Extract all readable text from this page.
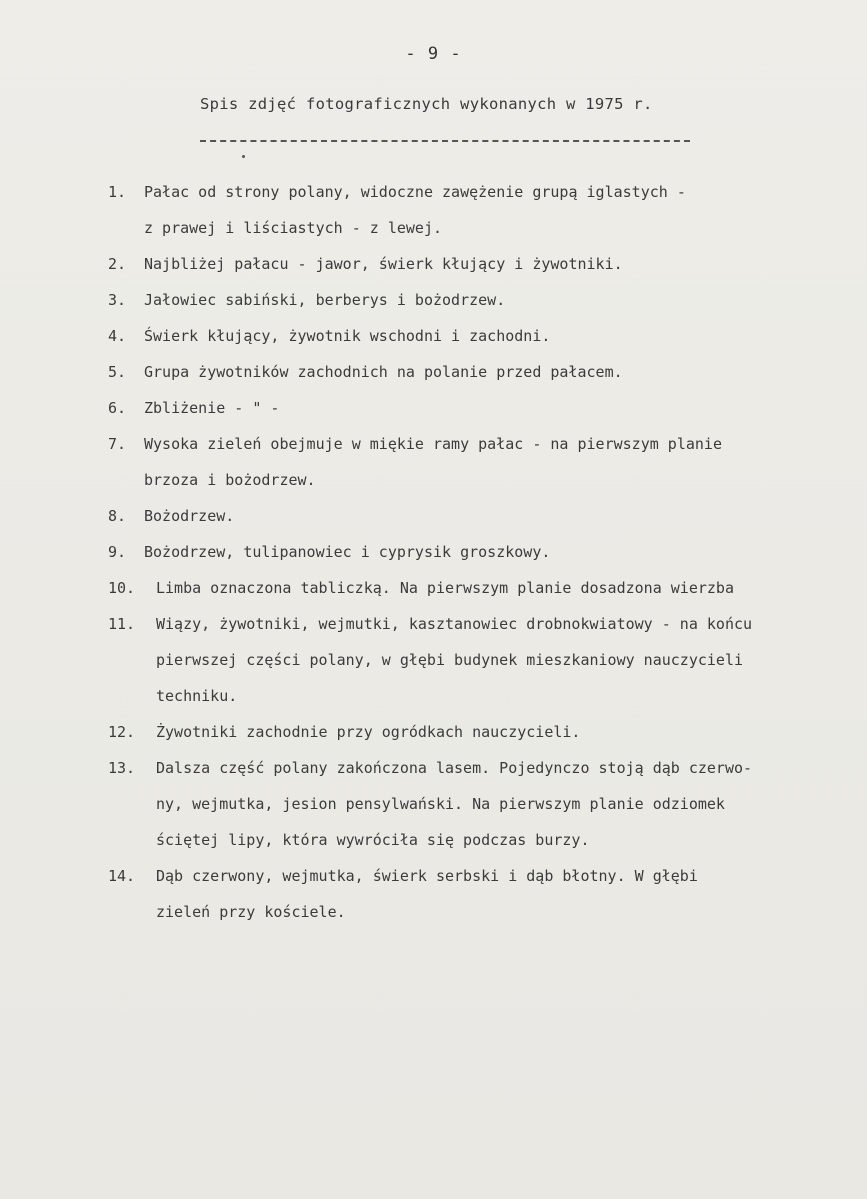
- 9 -
Spis zdjęć fotograficznych wykonanych w 1975 r.
1. Pałac od strony polany, widoczne zawężenie grupą iglastych -
z prawej i liściastych - z lewej.
2. Najbliżej pałacu - jawor, świerk kłujący i żywotniki.
3. Jałowiec sabiński, berberys i bożodrzew.
4. Świerk kłujący, żywotnik wschodni i zachodni.
5. Grupa żywotników zachodnich na polanie przed pałacem.
6. Zbliżenie - " -
7. Wysoka zieleń obejmuje w miękie ramy pałac - na pierwszym planie
brzoza i bożodrzew.
8. Bożodrzew.
9. Bożodrzew, tulipanowiec i cyprysik groszkowy.
10. Limba oznaczona tabliczką. Na pierwszym planie dosadzona wierzba
11. Wiązy, żywotniki, wejmutki, kasztanowiec drobnokwiatowy - na końcu
pierwszej części polany, w głębi budynek mieszkaniowy nauczycieli
techniku.
12. Żywotniki zachodnie przy ogródkach nauczycieli.
13. Dalsza część polany zakończona lasem. Pojedynczo stoją dąb czerwo-
ny, wejmutka, jesion pensylwański. Na pierwszym planie odziomek
ściętej lipy, która wywróciła się podczas burzy.
14. Dąb czerwony, wejmutka, świerk serbski i dąb błotny. W głębi
zieleń przy kościele.
